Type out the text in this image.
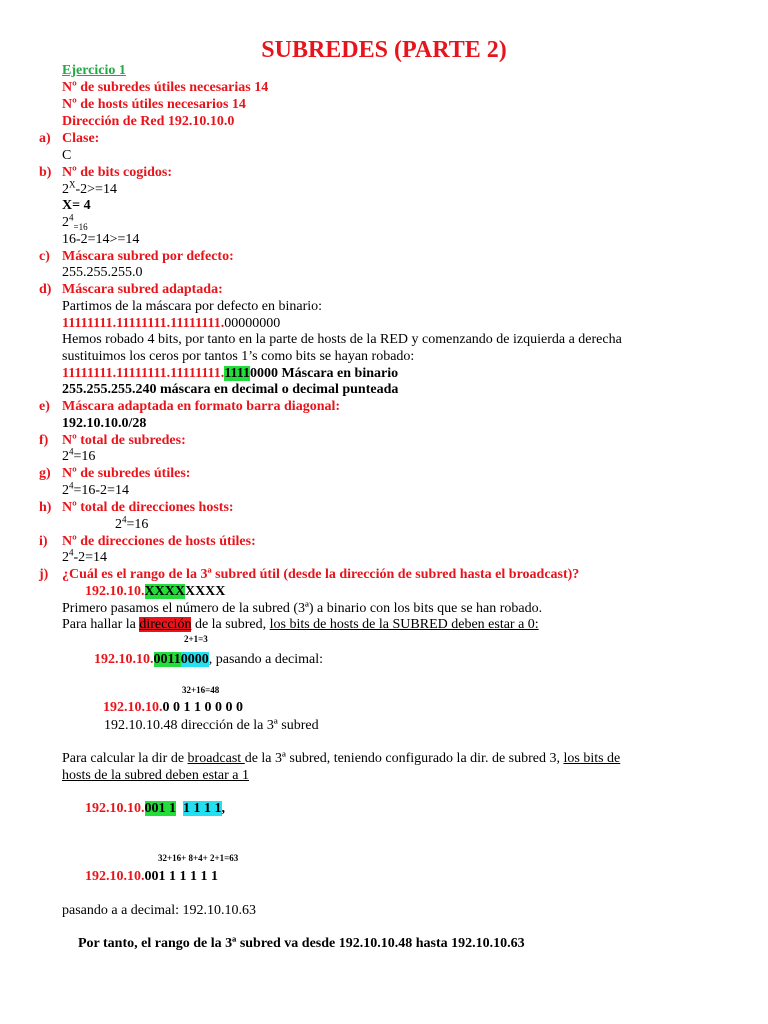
SUBREDES (PARTE 2)
Ejercicio 1
Nº de subredes útiles necesarias 14
Nº de hosts útiles necesarios 14
Dirección de Red 192.10.10.0
a) Clase:
C
b) Nº de bits cogidos:
$2^X-2>=14$
X= 4
$2^4_{=16}$
16-2=14>=14
c) Máscara subred por defecto:
255.255.255.0
d) Máscara subred adaptada:
Partimos de la máscara por defecto en binario:
11111111.11111111.11111111.00000000
Hemos robado 4 bits, por tanto en la parte de hosts de la RED y comenzando de izquierda a derecha
sustituimos los ceros por tantos 1’s como bits se hayan robado:
11111111.11111111.11111111.11110000 Máscara en binario
255.255.255.240 máscara en decimal o decimal punteada
e) Máscara adaptada en formato barra diagonal:
192.10.10.0/28
f) Nº total de subredes:
$2^4=16$
g) Nº de subredes útiles:
$2^4=16-2=14$
h) Nº total de direcciones hosts:
$2^4=16$
i) Nº de direcciones de hosts útiles:
$2^4-2=14$
j) ¿Cuál es el rango de la 3ª subred útil (desde la dirección de subred hasta el broadcast)?
192.10.10.XXXXXXXX
Primero pasamos el número de la subred (3ª) a binario con los bits que se han robado.
Para hallar la dirección de la subred, los bits de hosts de la SUBRED deben estar a 0:
2+1=3
192.10.10.00110000, pasando a decimal:
32+16=48
192.10.10.0 0 1 1 0 0 0 0
192.10.10.48 dirección de la 3ª subred
Para calcular la dir de broadcast de la 3ª subred, teniendo configurado la dir. de subred 3, los bits de
hosts de la subred deben estar a 1
192.10.10.001 1 1 1 1 1,
32+16+ 8+4+ 2+1=63
192.10.10.001 1 1 1 1 1
pasando a a decimal: 192.10.10.63
Por tanto, el rango de la 3ª subred va desde 192.10.10.48 hasta 192.10.10.63
